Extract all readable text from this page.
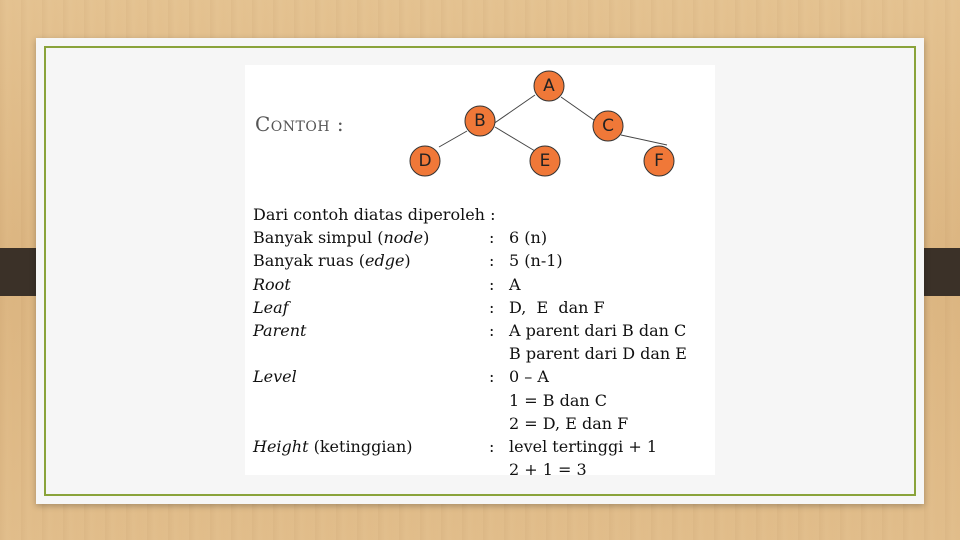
Contoh :
A
B	C
D	E	F
Dari contoh diatas diperoleh :
Banyak simpul (node)	: 6 (n)
Banyak ruas (edge)	: 5 (n-1)
Root	: A
Leaf	: D,  E  dan F
Parent	: A parent dari B dan C
B parent dari D dan E
Level	: 0 – A
1 = B dan C
2 = D, E dan F
Height (ketinggian)	: level tertinggi + 1
2 + 1 = 3
